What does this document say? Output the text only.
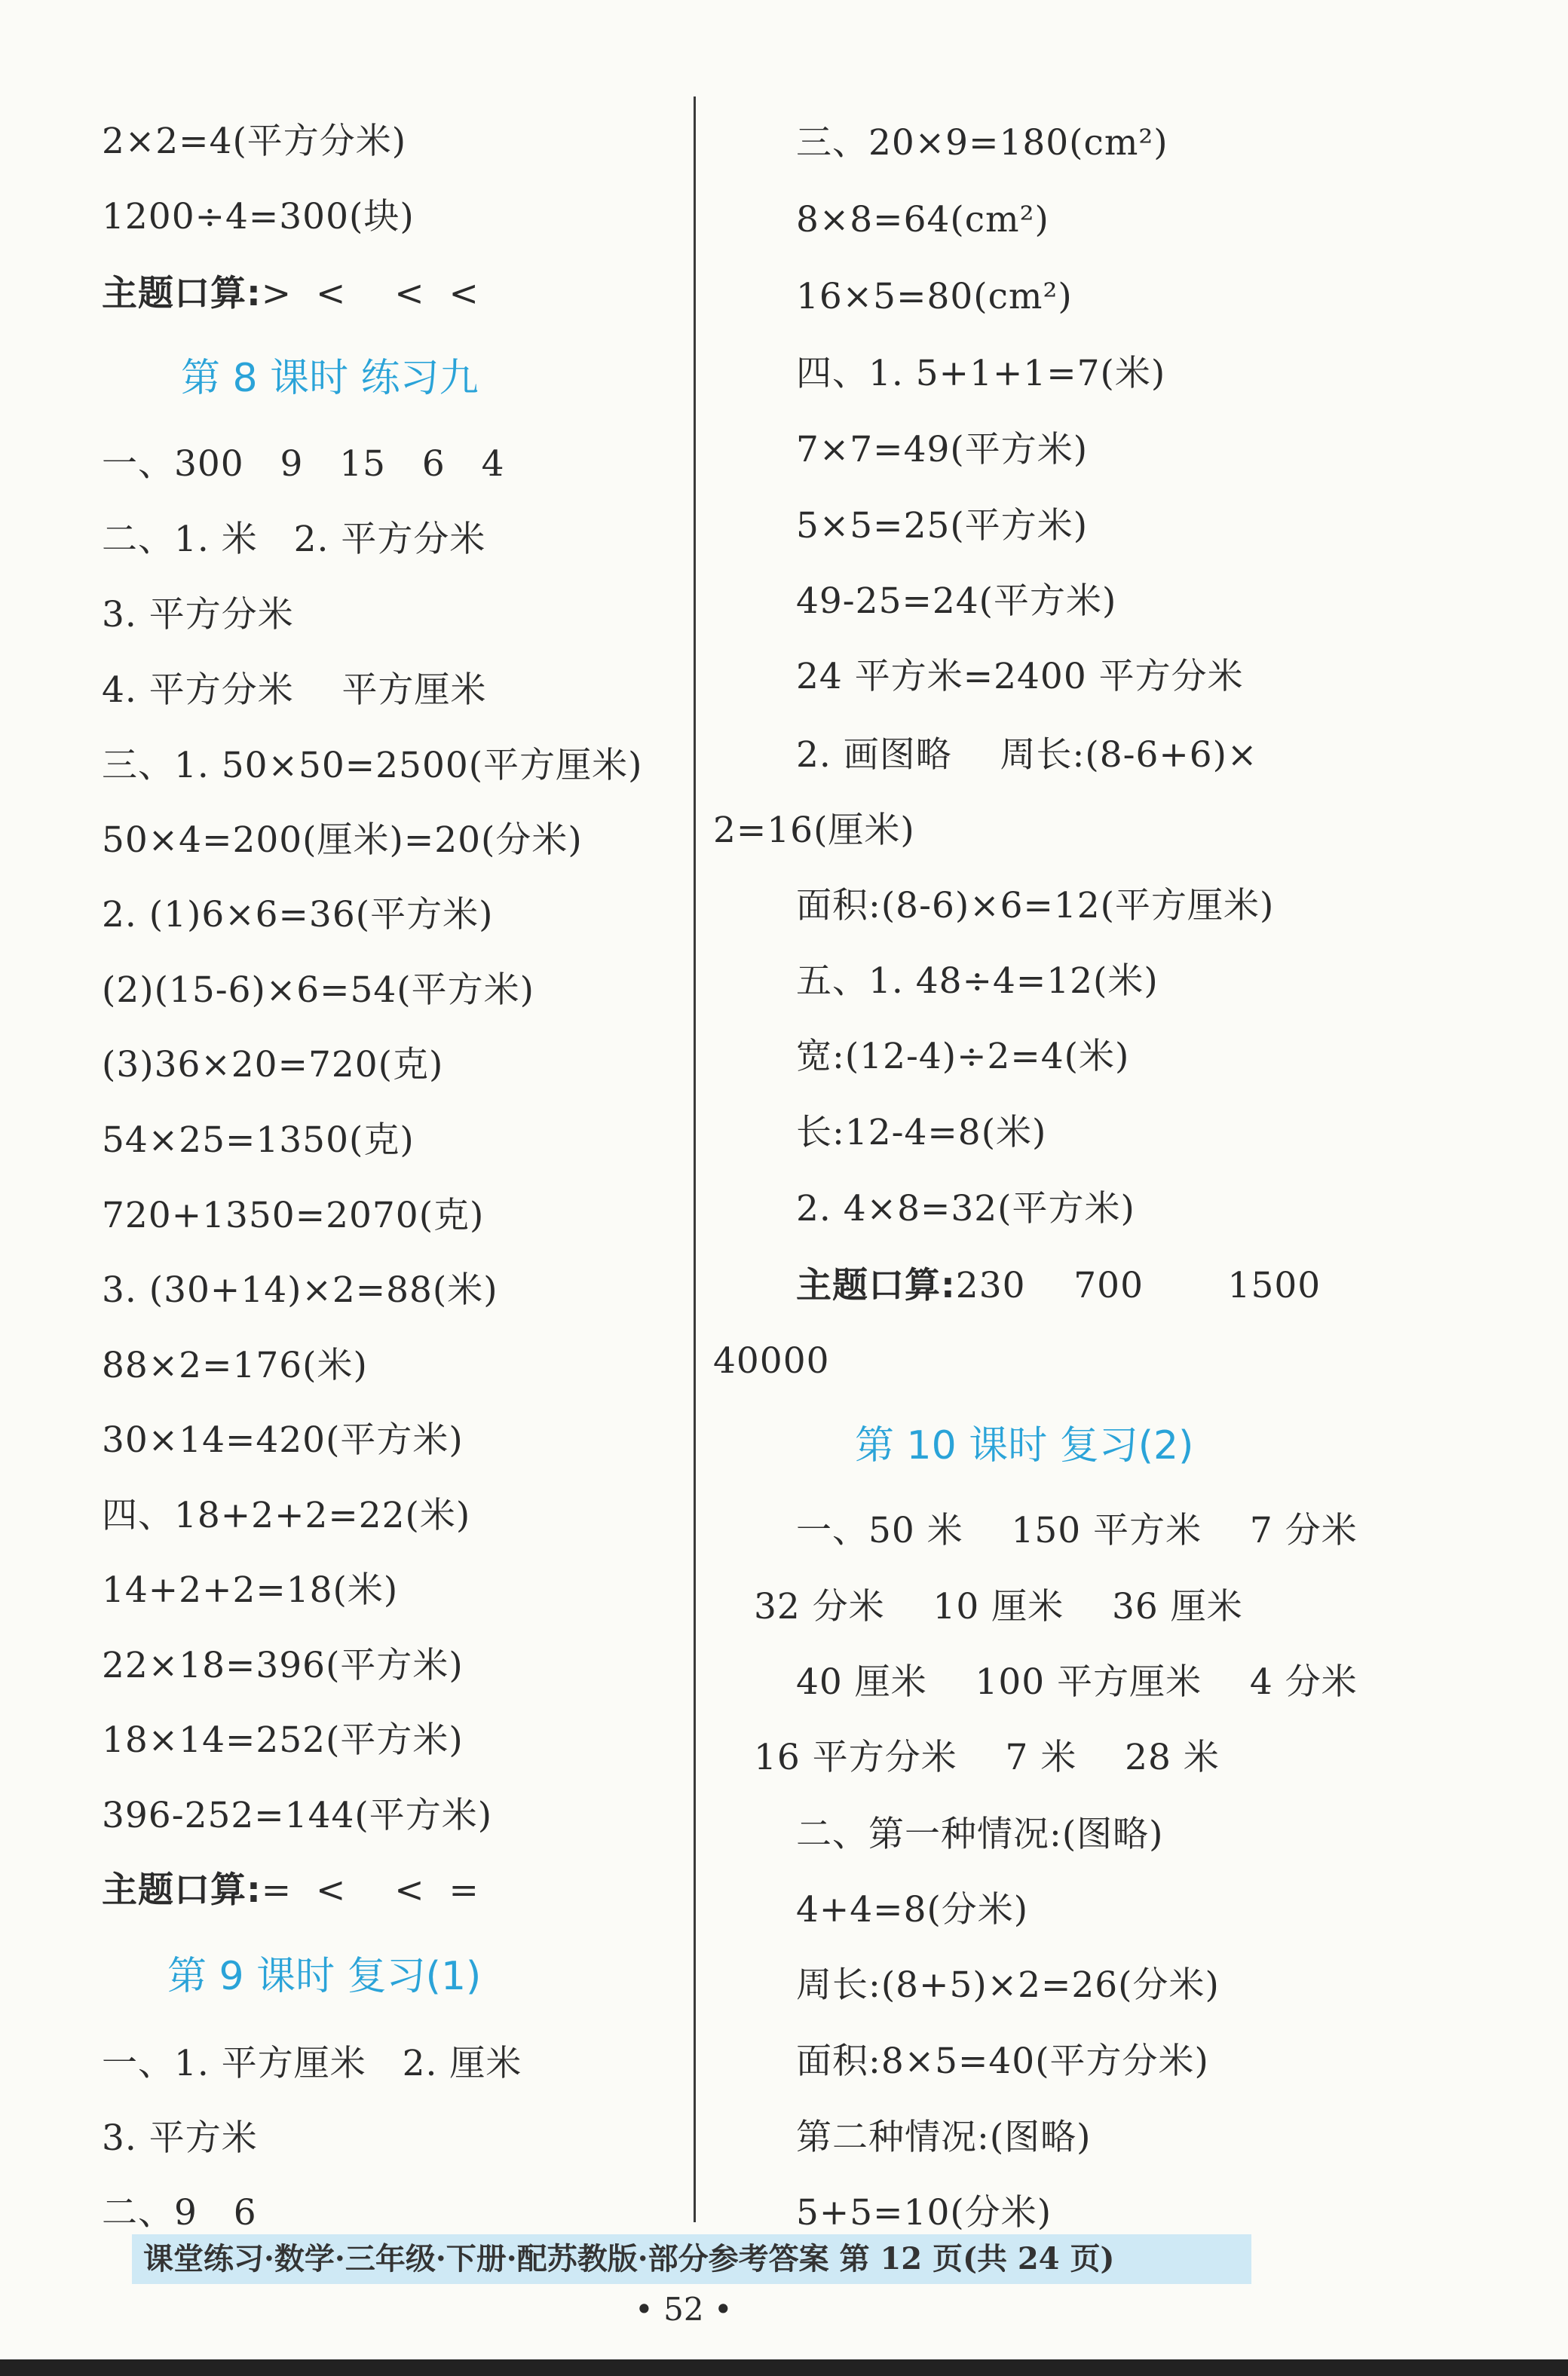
2×2=4(平方分米)
1200÷4=300(块)
主题口算:>  <    <  <
第 8 课时 练习九
一、300   9   15   6   4
二、1. 米   2. 平方分米
3. 平方分米
4. 平方分米    平方厘米
三、1. 50×50=2500(平方厘米)
50×4=200(厘米)=20(分米)
2. (1)6×6=36(平方米)
(2)(15-6)×6=54(平方米)
(3)36×20=720(克)
54×25=1350(克)
720+1350=2070(克)
3. (30+14)×2=88(米)
88×2=176(米)
30×14=420(平方米)
四、18+2+2=22(米)
14+2+2=18(米)
22×18=396(平方米)
18×14=252(平方米)
396-252=144(平方米)
主题口算:=  <    <  =
第 9 课时 复习(1)
一、1. 平方厘米   2. 厘米
3. 平方米
二、9   6
三、20×9=180(cm²)
8×8=64(cm²)
16×5=80(cm²)
四、1. 5+1+1=7(米)
7×7=49(平方米)
5×5=25(平方米)
49-25=24(平方米)
24 平方米=2400 平方分米
2. 画图略    周长:(8-6+6)×
2=16(厘米)
面积:(8-6)×6=12(平方厘米)
五、1. 48÷4=12(米)
宽:(12-4)÷2=4(米)
长:12-4=8(米)
2. 4×8=32(平方米)
主题口算:230    700       1500
40000
第 10 课时 复习(2)
一、50 米    150 平方米    7 分米
32 分米    10 厘米    36 厘米
40 厘米    100 平方厘米    4 分米
16 平方分米    7 米    28 米
二、第一种情况:(图略)
4+4=8(分米)
周长:(8+5)×2=26(分米)
面积:8×5=40(平方分米)
第二种情况:(图略)
5+5=10(分米)
课堂练习·数学·三年级·下册·配苏教版·部分参考答案 第 12 页(共 24 页)
• 52 •
